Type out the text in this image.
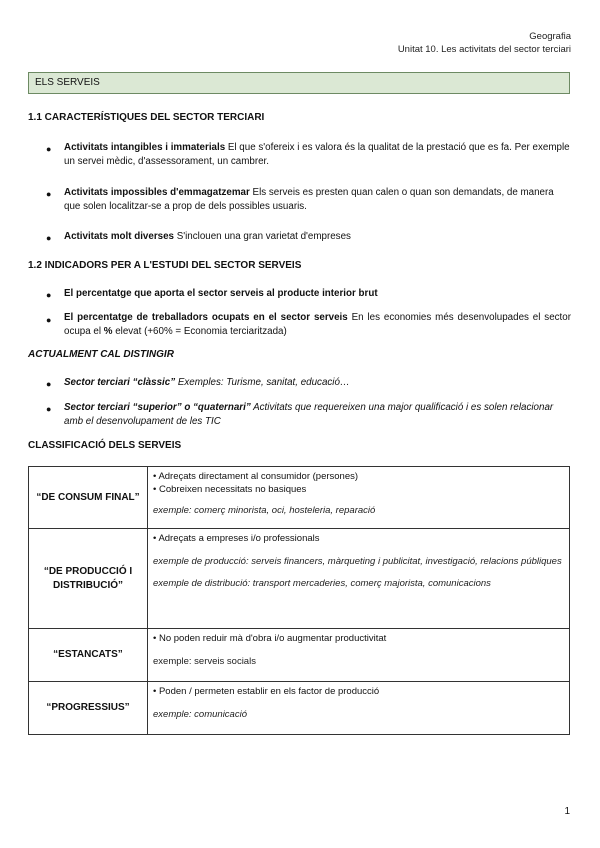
Geografia
Unitat 10. Les activitats del sector terciari
ELS SERVEIS
1.1 CARACTERÍSTIQUES DEL SECTOR TERCIARI
● Activitats intangibles i immaterials El que s'ofereix i es valora és la qualitat de la prestació que es fa. Per exemple un servei mèdic, d'assessorament, un cambrer.
● Activitats impossibles d'emmagatzemar Els serveis es presten quan calen o quan son demandats, de manera que solen localitzar-se a prop de dels possibles usuaris.
● Activitats molt diverses S'inclouen una gran varietat d'empreses
1.2 INDICADORS PER A L'ESTUDI DEL SECTOR SERVEIS
● El percentatge que aporta el sector serveis al producte interior brut
● El percentatge de treballadors ocupats en el sector serveis En les economies més desenvolupades el sector ocupa el % elevat (+60% = Economia terciaritzada)
ACTUALMENT CAL DISTINGIR
● Sector terciari “clàssic” Exemples: Turisme, sanitat, educació…
● Sector terciari “superior” o “quaternari” Activitats que requereixen una major qualificació i es solen relacionar amb el desenvolupament de les TIC
CLASSIFICACIÓ DELS SERVEIS
“DE CONSUM FINAL”	• Adreçats directament al consumidor (persones)
• Cobreixen necessitats no basiques
exemple: comerç minorista, oci, hosteleria, reparació

“DE PRODUCCIÓ I DISTRIBUCIÓ”	• Adreçats a empreses i/o professionals
exemple de producció: serveis financers, màrqueting i publicitat, investigació, relacions públiques
exemple de distribució: transport mercaderies, comerç majorista, comunicacions

“ESTANCATS”	• No poden reduir mà d'obra i/o augmentar productivitat
exemple: serveis socials

“PROGRESSIUS”	• Poden / permeten establir en els factor de producció
exemple: comunicació
1
